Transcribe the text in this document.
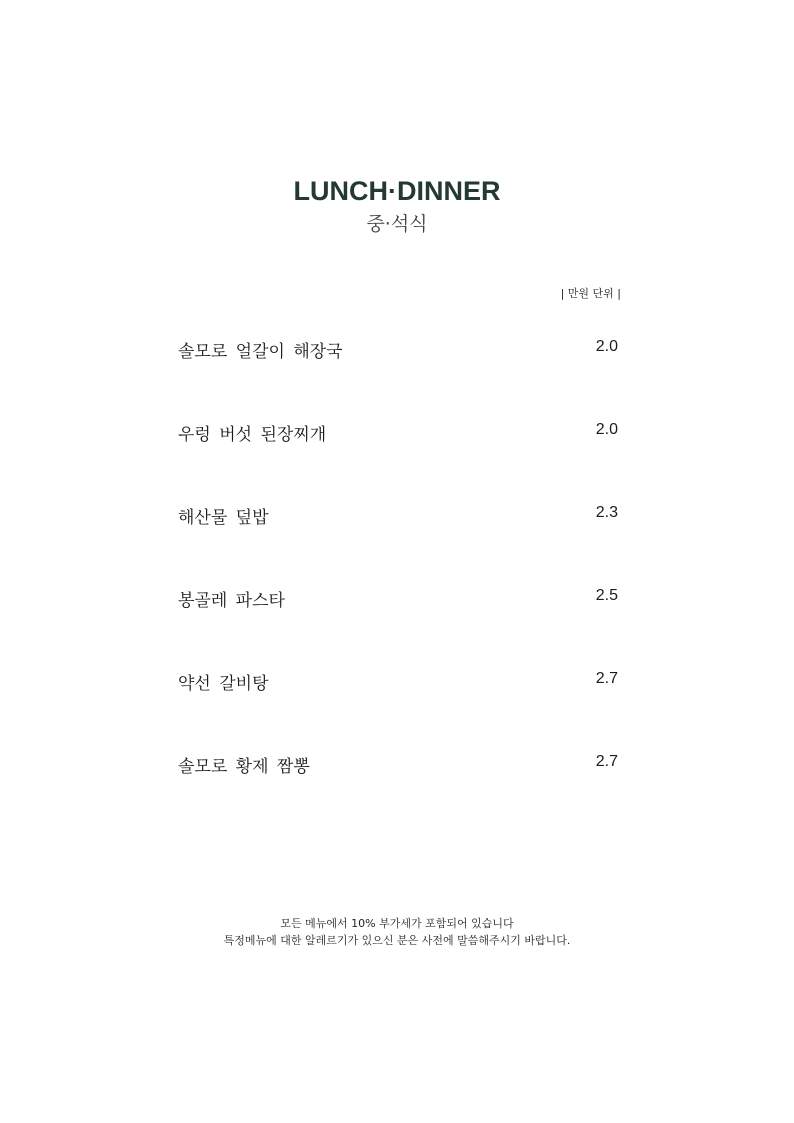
LUNCH·DINNER
중·석식
| 만원 단위 |
솔모로 얼갈이 해장국	2.0
우렁 버섯 된장찌개	2.0
해산물 덮밥	2.3
봉골레 파스타	2.5
약선 갈비탕	2.7
솔모로 황제 짬뽕	2.7
모든 메뉴에서 10% 부가세가 포함되어 있습니다
특정메뉴에 대한 알레르기가 있으신 분은 사전에 말씀해주시기 바랍니다.
